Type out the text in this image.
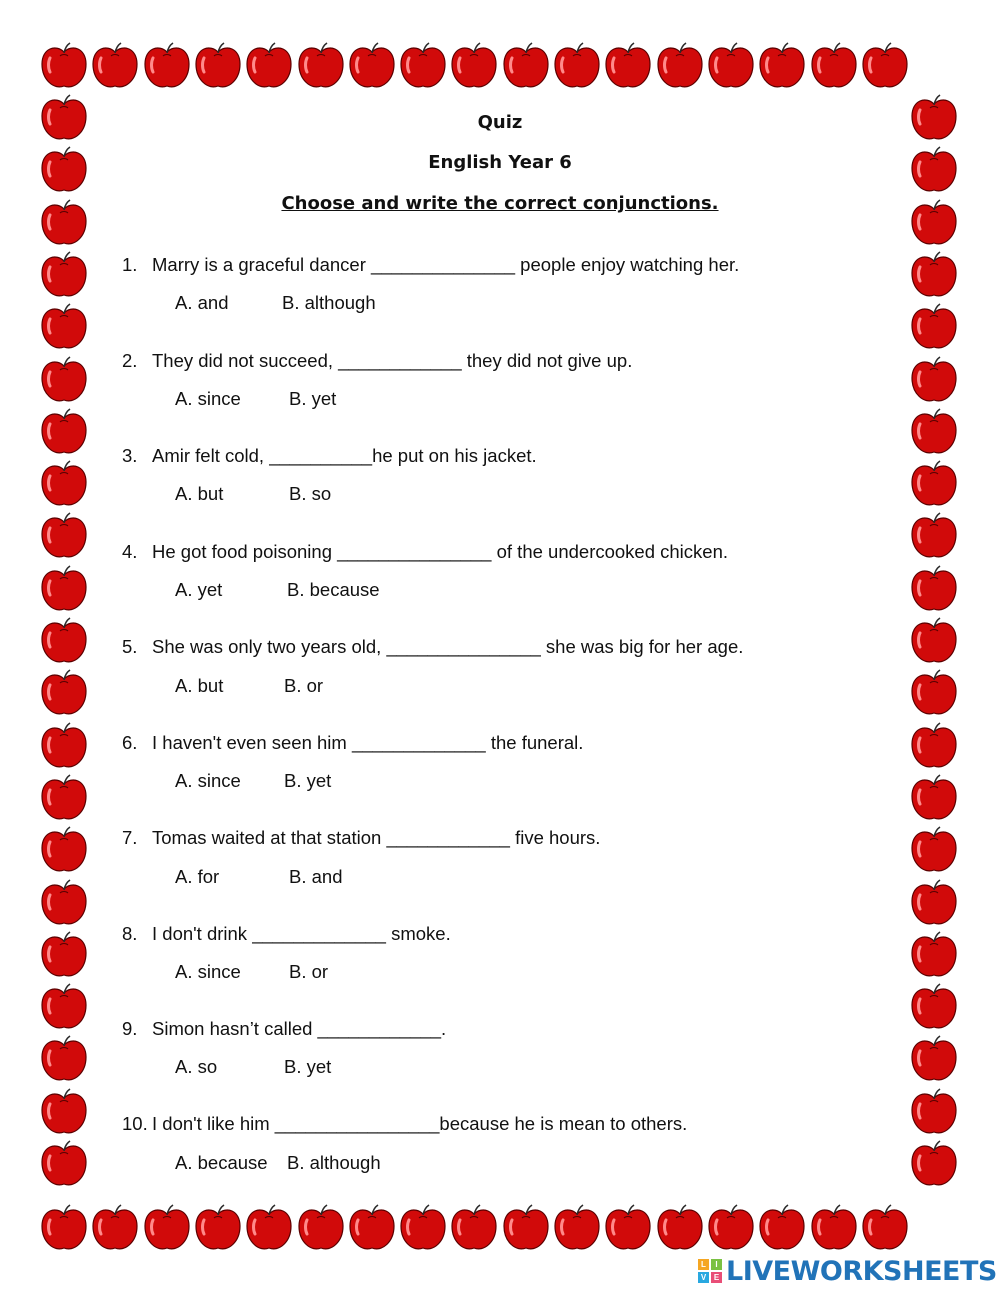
Quiz
English Year 6
Choose and write the correct conjunctions.
1. Marry is a graceful dancer ______________ people enjoy watching her.
A. and	B. although
2. They did not succeed, ____________ they did not give up.
A. since	B. yet
3. Amir felt cold, __________he put on his jacket.
A. but	B. so
4. He got food poisoning _______________ of the undercooked chicken.
A. yet	B. because
5. She was only two years old, _______________ she was big for her age.
A. but	B. or
6. I haven't even seen him _____________ the funeral.
A. since B. yet
7. Tomas waited at that station ____________ five hours.
A. for	B. and
8. I don't drink _____________ smoke.
A. since	B. or
9. Simon hasn’t called ____________.
A. so	B. yet
10. I don't like him ________________because he is mean to others.
A. because B. although
L	I
V E LIVEWORKSHEETS
